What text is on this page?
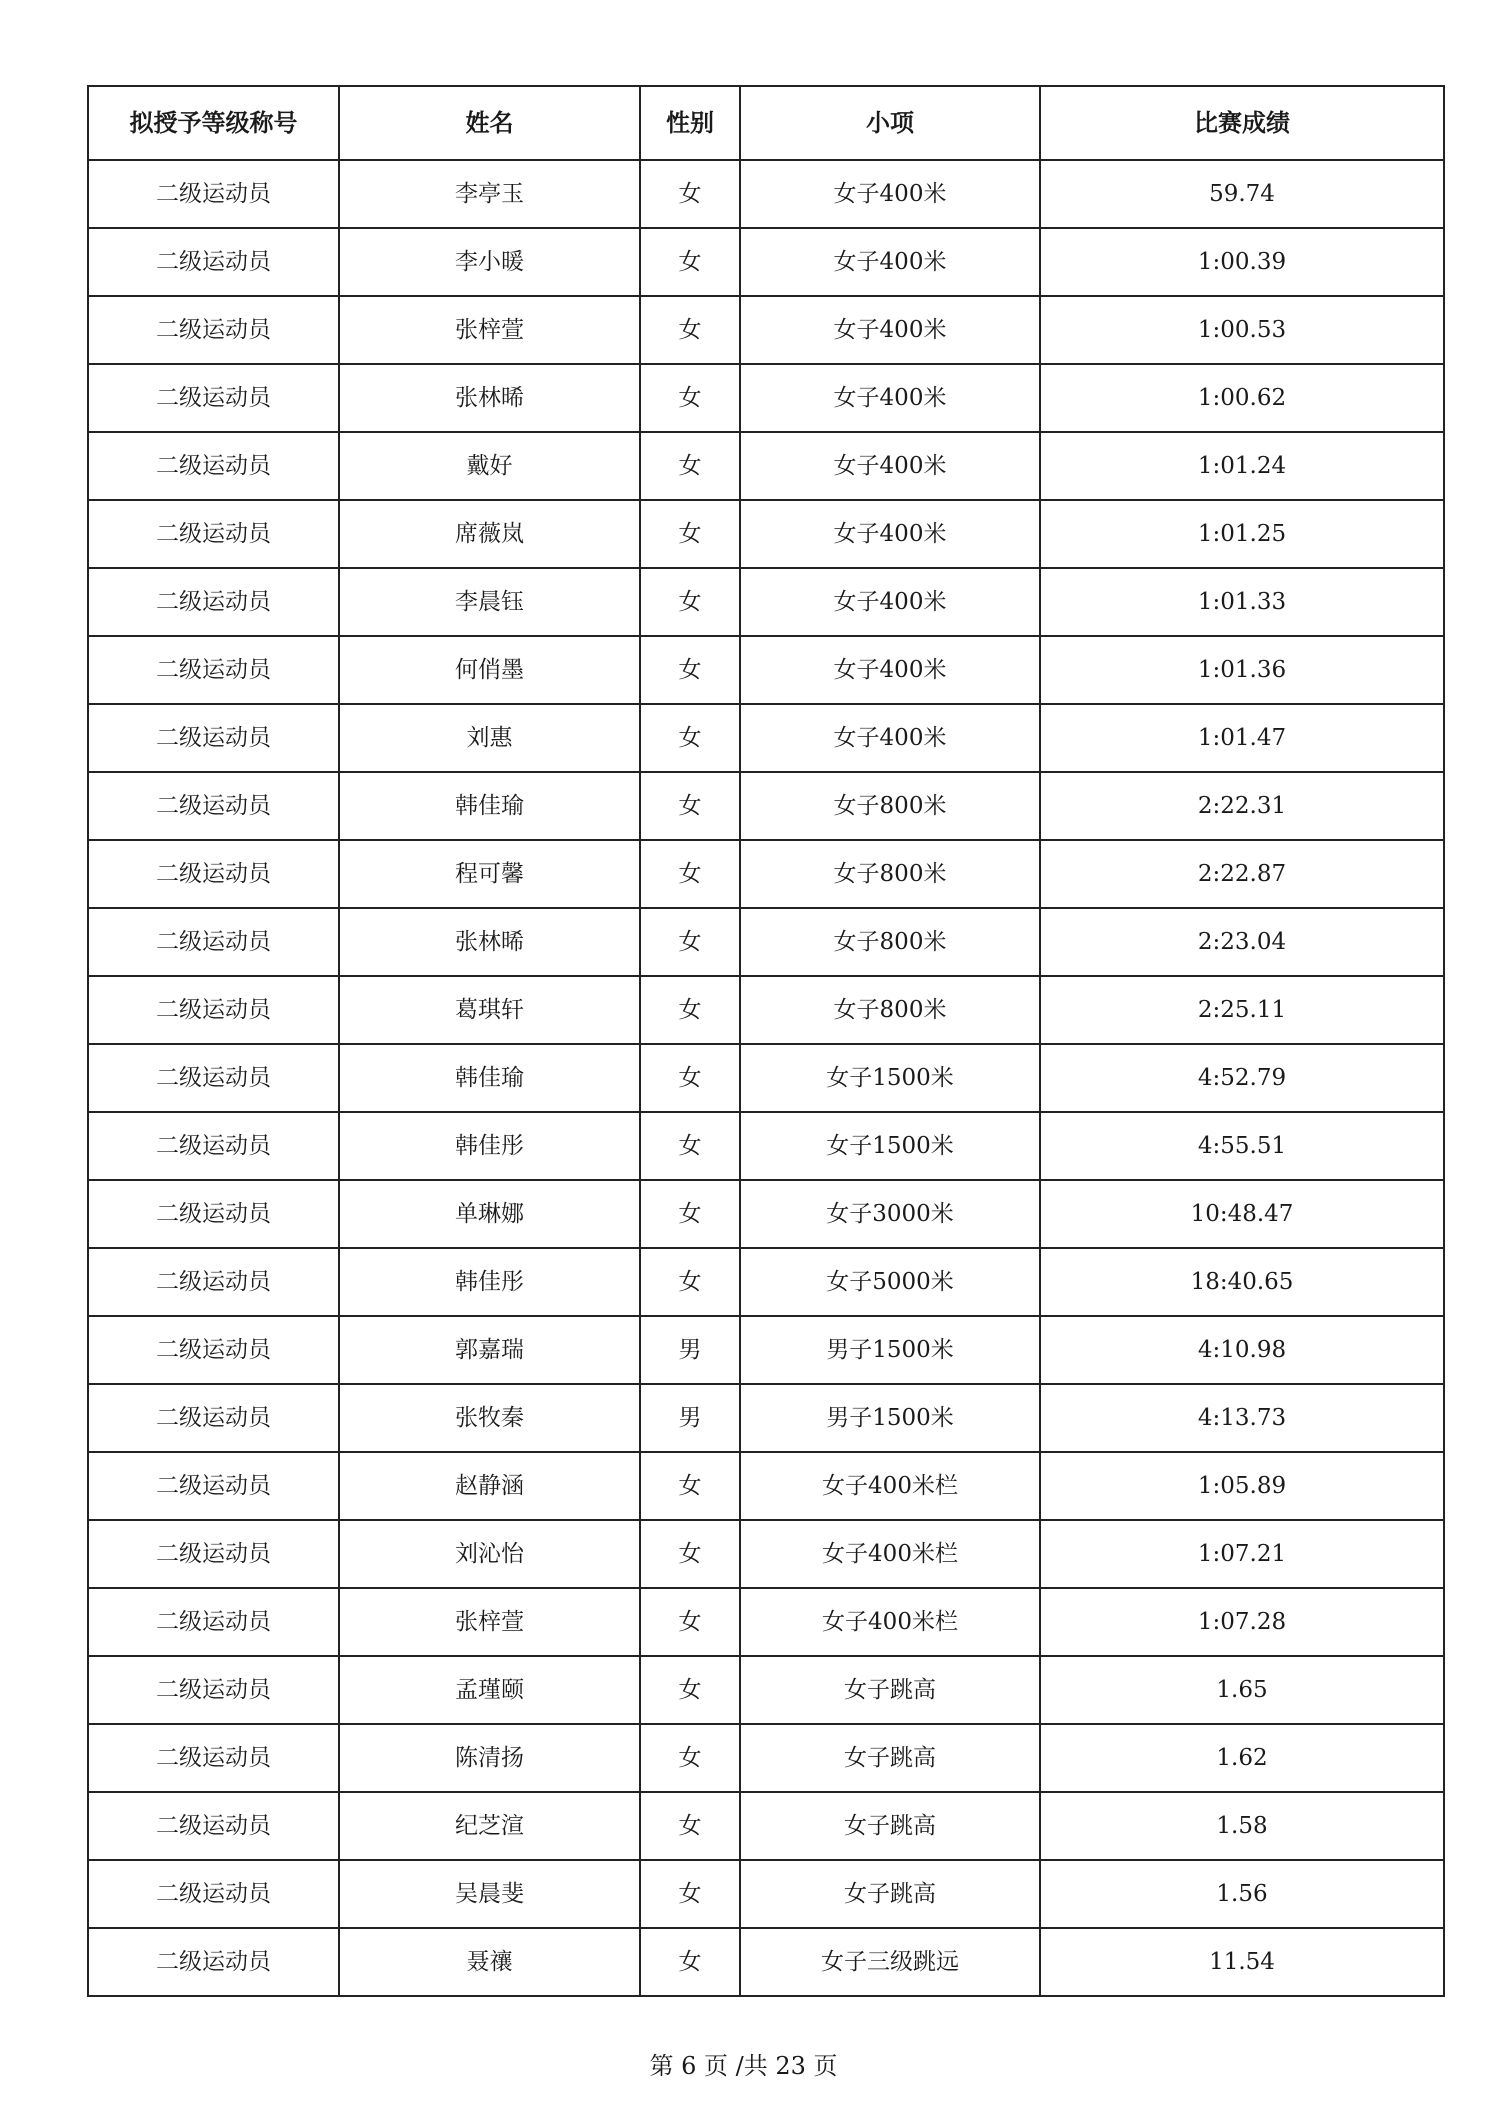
拟授予等级称号	姓名	性别	小项	比赛成绩
二级运动员	李亭玉	女	女子400米	59.74
二级运动员	李小暖	女	女子400米	1:00.39
二级运动员	张梓萱	女	女子400米	1:00.53
二级运动员	张林晞	女	女子400米	1:00.62
二级运动员	戴好	女	女子400米	1:01.24
二级运动员	席薇岚	女	女子400米	1:01.25
二级运动员	李晨钰	女	女子400米	1:01.33
二级运动员	何俏墨	女	女子400米	1:01.36
二级运动员	刘惠	女	女子400米	1:01.47
二级运动员	韩佳瑜	女	女子800米	2:22.31
二级运动员	程可馨	女	女子800米	2:22.87
二级运动员	张林晞	女	女子800米	2:23.04
二级运动员	葛琪轩	女	女子800米	2:25.11
二级运动员	韩佳瑜	女	女子1500米	4:52.79
二级运动员	韩佳彤	女	女子1500米	4:55.51
二级运动员	单琳娜	女	女子3000米	10:48.47
二级运动员	韩佳彤	女	女子5000米	18:40.65
二级运动员	郭嘉瑞	男	男子1500米	4:10.98
二级运动员	张牧秦	男	男子1500米	4:13.73
二级运动员	赵静涵	女	女子400米栏	1:05.89
二级运动员	刘沁怡	女	女子400米栏	1:07.21
二级运动员	张梓萱	女	女子400米栏	1:07.28
二级运动员	孟瑾颐	女	女子跳高	1.65
二级运动员	陈清扬	女	女子跳高	1.62
二级运动员	纪芝渲	女	女子跳高	1.58
二级运动员	吴晨斐	女	女子跳高	1.56
二级运动员	聂禳	女	女子三级跳远	11.54
第 6 页 /共 23 页
